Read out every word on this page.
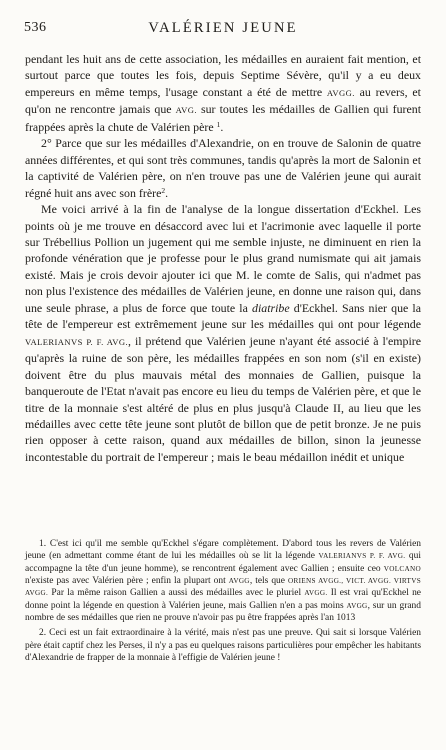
536	VALÉRIEN JEUNE

pendant les huit ans de cette association, les médailles en auraient fait mention, et surtout parce que toutes les fois, depuis Septime Sévère, qu'il y a eu deux empereurs en même temps, l'usage constant a été de mettre AVGG. au revers, et qu'on ne rencontre jamais que AVG. sur toutes les médailles de Gallien qui furent frappées après la chute de Valérien père $^1$.

2° Parce que sur les médailles d'Alexandrie, on en trouve de Salonin de quatre années différentes, et qui sont très communes, tandis qu'après la mort de Salonin et la captivité de Valérien père, on n'en trouve pas une de Valérien jeune qui aurait régné huit ans avec son frère$^2$.

Me voici arrivé à la fin de l'analyse de la longue dissertation d'Eckhel. Les points où je me trouve en désaccord avec lui et l'acrimonie avec laquelle il porte sur Trébellius Pollion un jugement qui me semble injuste, ne diminuent en rien la profonde vénération que je professe pour le plus grand numismate qui ait jamais existé. Mais je crois devoir ajouter ici que M. le comte de Salis, qui n'admet pas non plus l'existence des médailles de Valérien jeune, en donne une raison qui, dans une seule phrase, a plus de force que toute la diatribe d'Eckhel. Sans nier que la tête de l'empereur est extrêmement jeune sur les médailles qui ont pour légende VALERIANVS P. F. AVG., il prétend que Valérien jeune n'ayant été associé à l'empire qu'après la ruine de son père, les médailles frappées en son nom (s'il en existe) doivent être du plus mauvais métal des monnaies de Gallien, puisque la banqueroute de l'Etat n'avait pas encore eu lieu du temps de Valérien père, et que le titre de la monnaie s'est altéré de plus en plus jusqu'à Claude II, au lieu que les médailles avec cette tête jeune sont plutôt de billon que de petit bronze. Je ne puis rien opposer à cette raison, quand aux médailles de billon, sinon la jeunesse incontestable du portrait de l'empereur ; mais le beau médaillon inédit et unique

1. C'est ici qu'il me semble qu'Eckhel s'égare complètement. D'abord tous les revers de Valérien jeune (en admettant comme étant de lui les médailles où se lit la légende VALERIANVS P. F. AVG. qui accompagne la tête d'un jeune homme), se rencontrent également avec Gallien ; ensuite ceo VOLCANO n'existe pas avec Valérien père ; enfin la plupart ont AVGG, tels que ORIENS AVGG., VICT. AVGG. VIRTVS AVGG. Par la même raison Gallien a aussi des médailles avec le pluriel AVGG. Il est vrai qu'Eckhel ne donne point la légende en question à Valérien jeune, mais Gallien n'en a pas moins AVGG, sur un grand nombre de ses médailles que rien ne prouve n'avoir pas pu être frappées après l'an 1013

2. Ceci est un fait extraordinaire à la vérité, mais n'est pas une preuve. Qui sait si lorsque Valérien père était captif chez les Perses, il n'y a pas eu quelques raisons particulières pour empêcher les habitants d'Alexandrie de frapper de la monnaie à l'effigie de Valérien jeune !
